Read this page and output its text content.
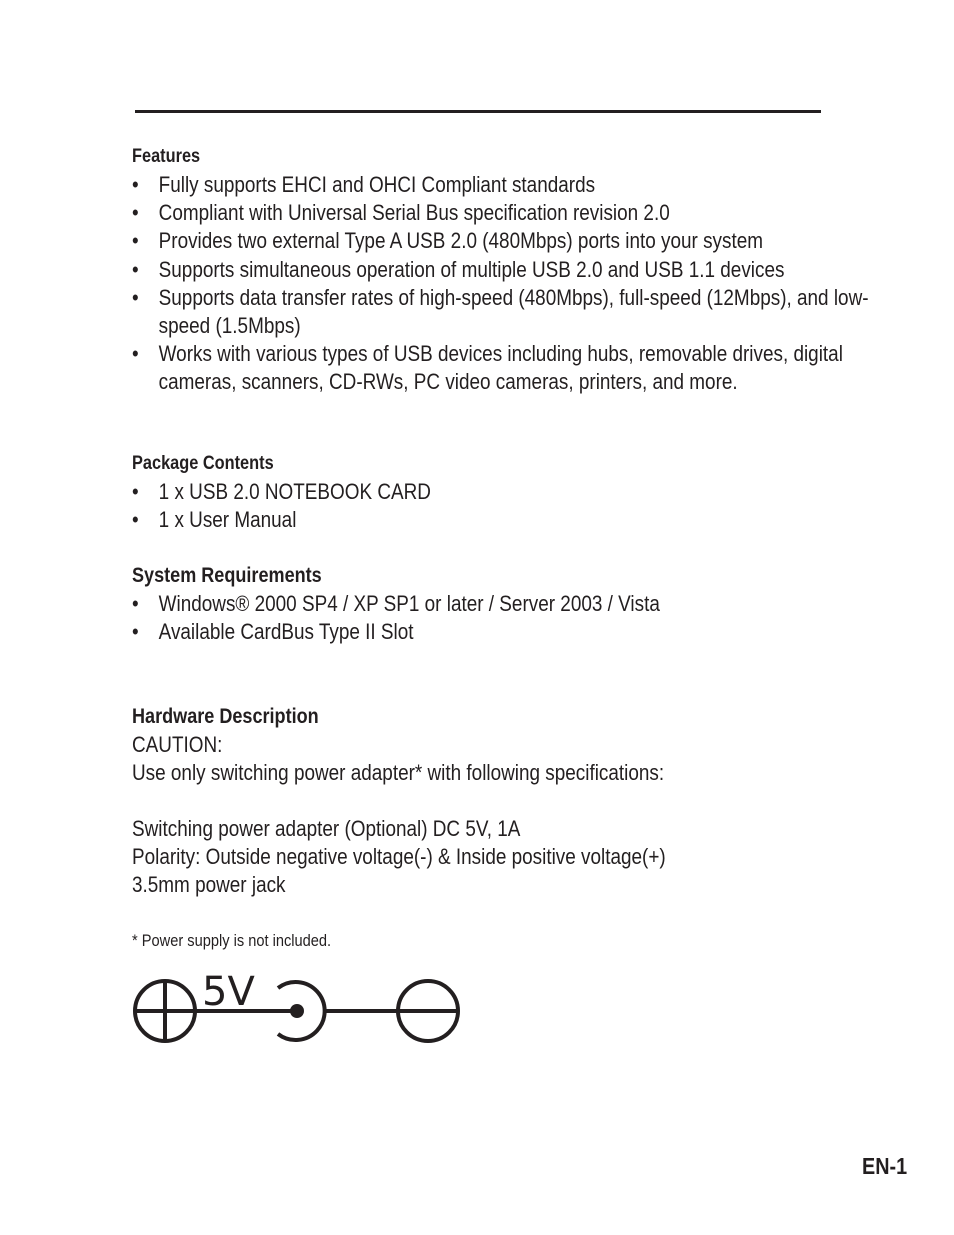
Features
• Fully supports EHCI and OHCI Compliant standards
• Compliant with Universal Serial Bus specification revision 2.0
• Provides two external Type A USB 2.0 (480Mbps) ports into your system
• Supports simultaneous operation of multiple USB 2.0 and USB 1.1 devices
• Supports data transfer rates of high-speed (480Mbps), full-speed (12Mbps), and low-speed (1.5Mbps)
• Works with various types of USB devices including hubs, removable drives, digital cameras, scanners, CD-RWs, PC video cameras, printers, and more.
Package Contents
• 1 x USB 2.0 NOTEBOOK CARD
• 1 x User Manual
System Requirements
• Windows® 2000 SP4 / XP SP1 or later / Server 2003 / Vista
• Available CardBus Type II Slot
Hardware Description
CAUTION:
Use only switching power adapter* with following specifications:
Switching power adapter (Optional) DC 5V, 1A
Polarity: Outside negative voltage(-) & Inside positive voltage(+)
3.5mm power jack
* Power supply is not included.
5V
EN-1
